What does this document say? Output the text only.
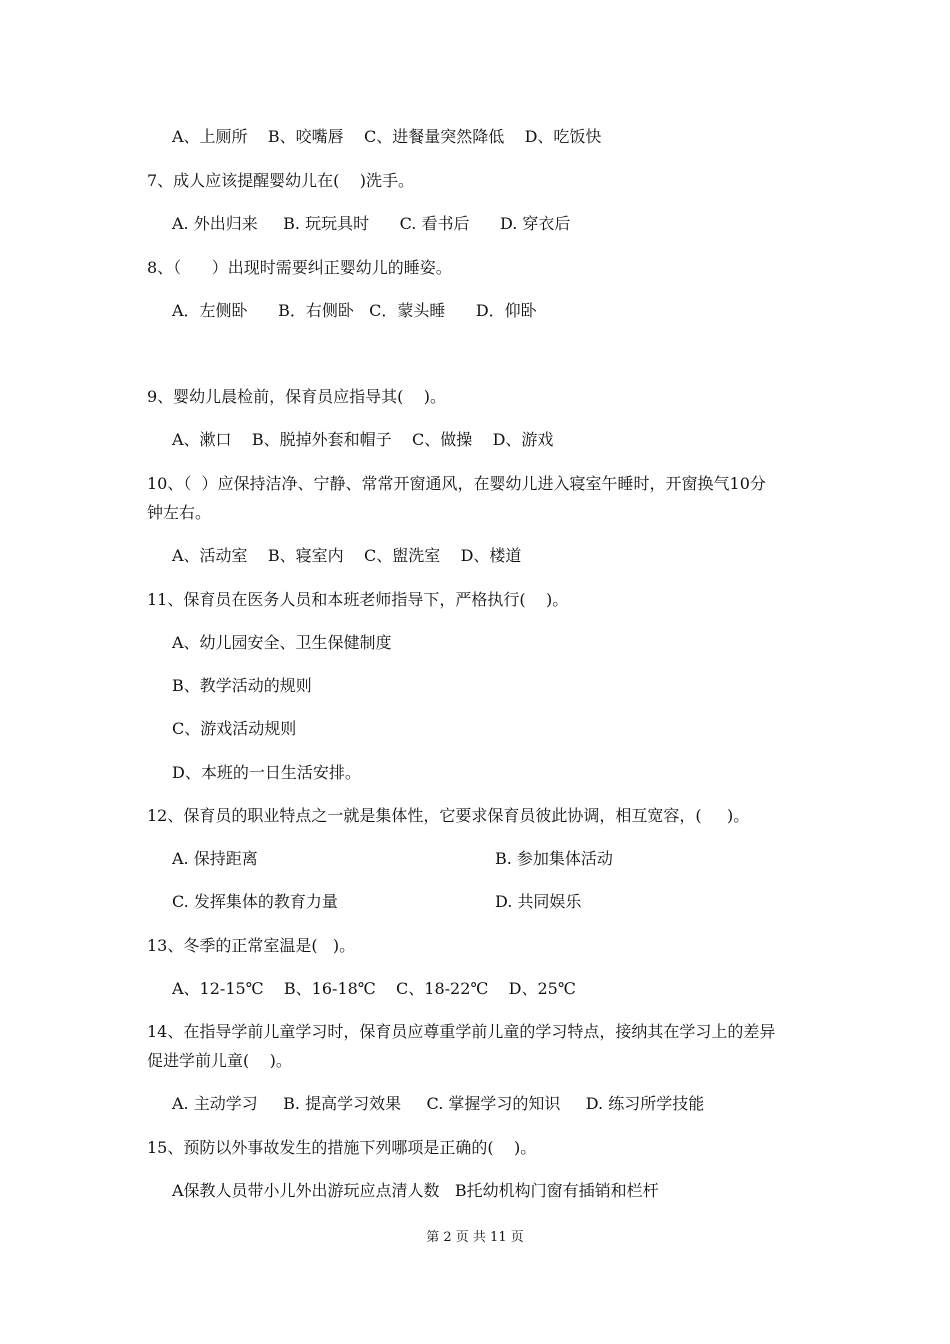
A、上厕所    B、咬嘴唇    C、进餐量突然降低    D、吃饭快
7、成人应该提醒婴幼儿在(    )洗手。
A. 外出归来     B. 玩玩具时      C. 看书后      D. 穿衣后
8、（      ）出现时需要纠正婴幼儿的睡姿。
A．左侧卧      B．右侧卧   C．蒙头睡      D．仰卧
9、婴幼儿晨检前，保育员应指导其(    )。
A、漱口    B、脱掉外套和帽子    C、做操    D、游戏
10、（  ）应保持洁净、宁静、常常开窗通风，在婴幼儿进入寝室午睡时，开窗换气10分
钟左右。
A、活动室    B、寝室内    C、盥洗室    D、楼道
11、保育员在医务人员和本班老师指导下，严格执行(    )。
A、幼儿园安全、卫生保健制度
B、教学活动的规则
C、游戏活动规则
D、本班的一日生活安排。
12、保育员的职业特点之一就是集体性，它要求保育员彼此协调，相互宽容，(     )。
A. 保持距离	B. 参加集体活动
C. 发挥集体的教育力量	D. 共同娱乐
13、冬季的正常室温是(   )。
A、12-15℃    B、16-18℃    C、18-22℃    D、25℃
14、在指导学前儿童学习时，保育员应尊重学前儿童的学习特点，接纳其在学习上的差异
促进学前儿童(    )。
A. 主动学习     B. 提高学习效果     C. 掌握学习的知识     D. 练习所学技能
15、预防以外事故发生的措施下列哪项是正确的(    )。
A保教人员带小儿外出游玩应点清人数   B托幼机构门窗有插销和栏杆
第 2 页 共 11 页
